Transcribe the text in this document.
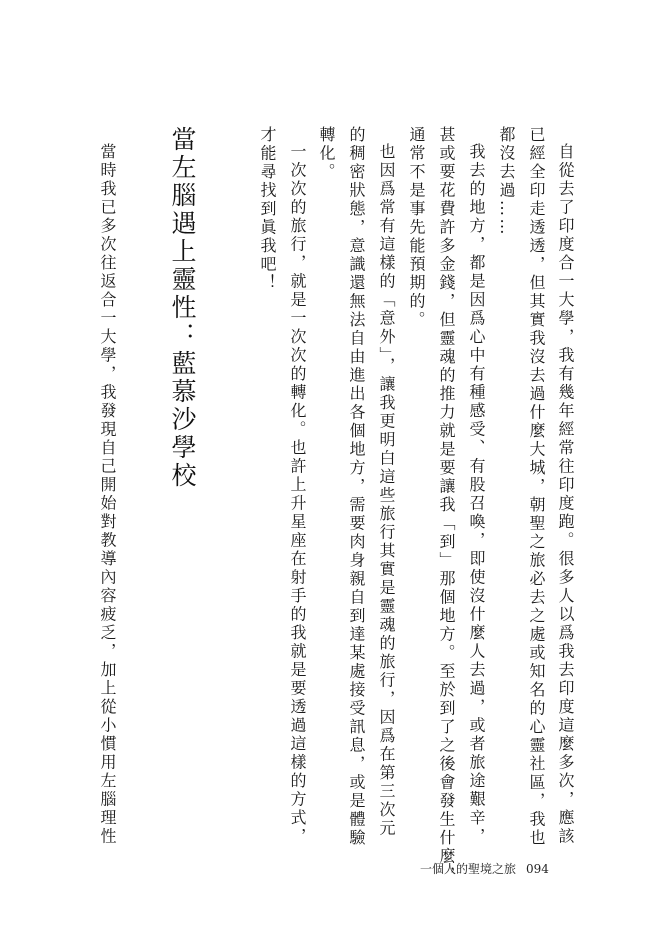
自從去了印度合一大學，我有幾年經常往印度跑。很多人以爲我去印度這麼多次，應該
已經全印走透透，但其實我沒去過什麼大城，朝聖之旅必去之處或知名的心靈社區，我也
都沒去過……
我去的地方，都是因爲心中有種感受、有股召喚，即使沒什麼人去過，或者旅途艱辛，
甚或要花費許多金錢，但靈魂的推力就是要讓我「到」那個地方。至於到了之後會發生什麼，
通常不是事先能預期的。
也因爲常有這樣的「意外」，讓我更明白這些旅行其實是靈魂的旅行，因爲在第三次元
的稠密狀態，意識還無法自由進出各個地方，需要肉身親自到達某處接受訊息，或是體驗
轉化。
一次次的旅行，就是一次次的轉化。也許上升星座在射手的我就是要透過這樣的方式，
才能尋找到眞我吧！
當左腦遇上靈性：藍慕沙學校
當時我已多次往返合一大學，我發現自己開始對教導內容疲乏，加上從小慣用左腦理性
一個人的聖境之旅 094
